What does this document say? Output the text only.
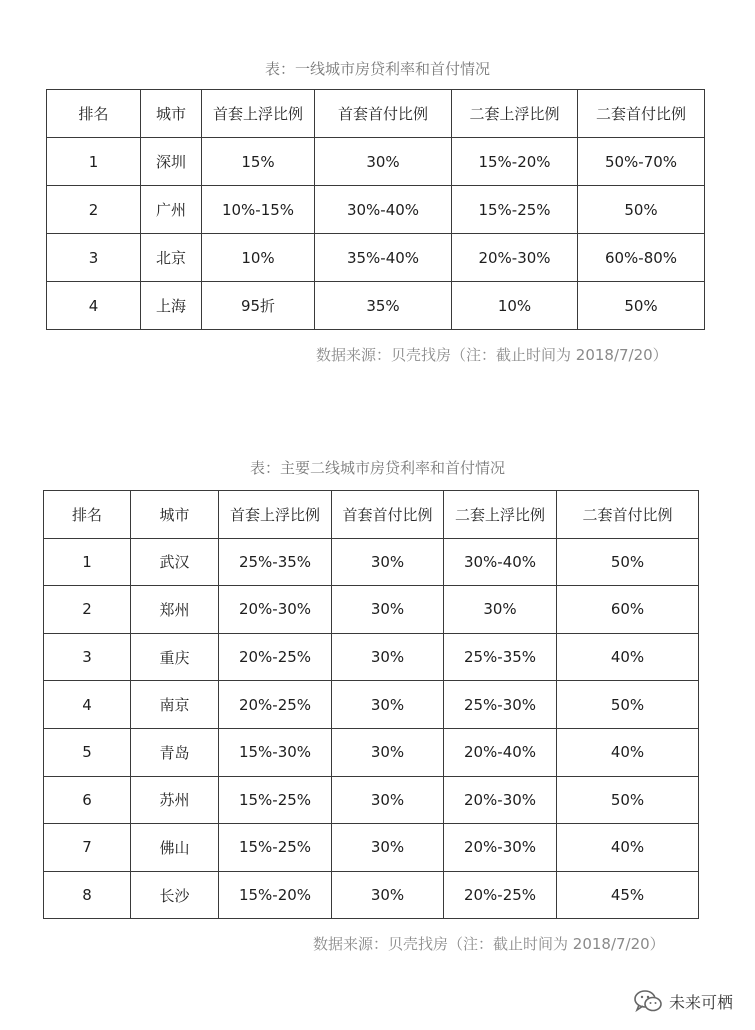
表：一线城市房贷利率和首付情况
排名	城市	首套上浮比例	首套首付比例	二套上浮比例	二套首付比例
1	深圳	15%	30%	15%-20%	50%-70%
2	广州	10%-15%	30%-40%	15%-25%	50%
3	北京	10%	35%-40%	20%-30%	60%-80%
4	上海	95折	35%	10%	50%
数据来源：贝壳找房（注：截止时间为 2018/7/20）
表：主要二线城市房贷利率和首付情况
排名	城市	首套上浮比例	首套首付比例	二套上浮比例	二套首付比例
1	武汉	25%-35%	30%	30%-40%	50%
2	郑州	20%-30%	30%	30%	60%
3	重庆	20%-25%	30%	25%-35%	40%
4	南京	20%-25%	30%	25%-30%	50%
5	青岛	15%-30%	30%	20%-40%	40%
6	苏州	15%-25%	30%	20%-30%	50%
7	佛山	15%-25%	30%	20%-30%	40%
8	长沙	15%-20%	30%	20%-25%	45%
数据来源：贝壳找房（注：截止时间为 2018/7/20）
未来可栖
